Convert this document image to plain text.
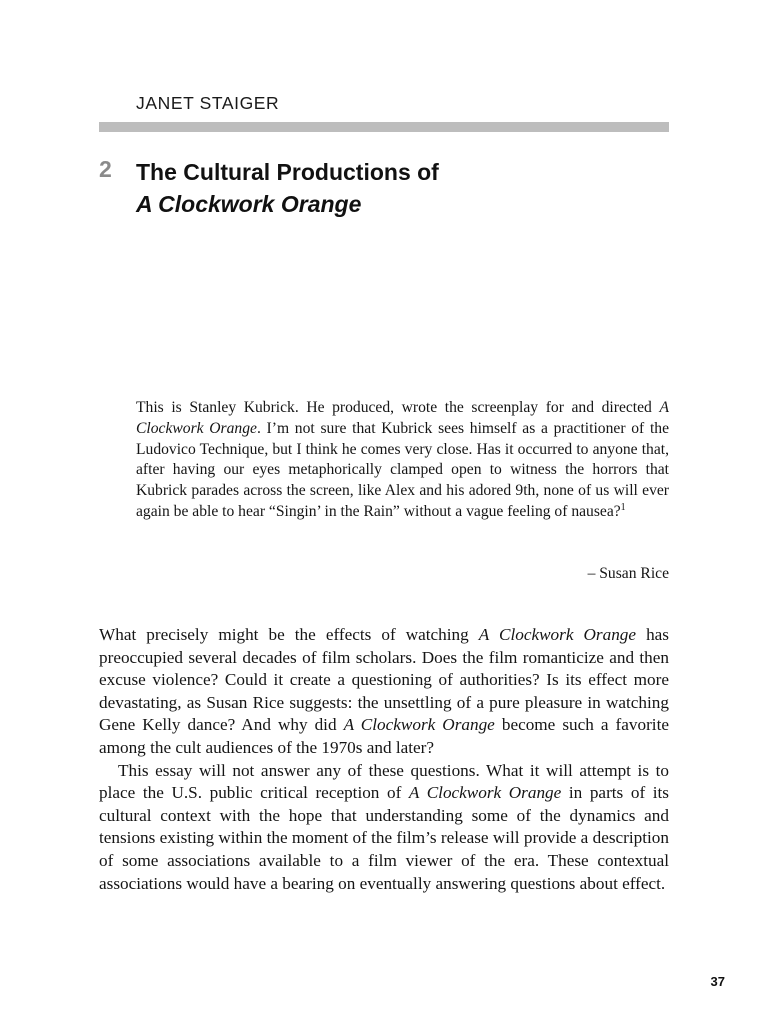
JANET STAIGER
2 The Cultural Productions of
A Clockwork Orange
This is Stanley Kubrick. He produced, wrote the screenplay for and directed A Clockwork Orange. I’m not sure that Kubrick sees himself as a practitioner of the Ludovico Technique, but I think he comes very close. Has it occurred to anyone that, after having our eyes metaphorically clamped open to witness the horrors that Kubrick parades across the screen, like Alex and his adored 9th, none of us will ever again be able to hear “Singin’ in the Rain” without a vague feeling of nausea?$^1$
– Susan Rice

What precisely might be the effects of watching A Clockwork Orange has preoccupied several decades of film scholars. Does the film romanticize and then excuse violence? Could it create a questioning of authorities? Is its effect more devastating, as Susan Rice suggests: the unsettling of a pure pleasure in watching Gene Kelly dance? And why did A Clockwork Orange become such a favorite among the cult audiences of the 1970s and later?

This essay will not answer any of these questions. What it will attempt is to place the U.S. public critical reception of A Clockwork Orange in parts of its cultural context with the hope that understanding some of the dynamics and tensions existing within the moment of the film’s release will provide a description of some associations available to a film viewer of the era. These contextual associations would have a bearing on eventually answering questions about effect.

37
